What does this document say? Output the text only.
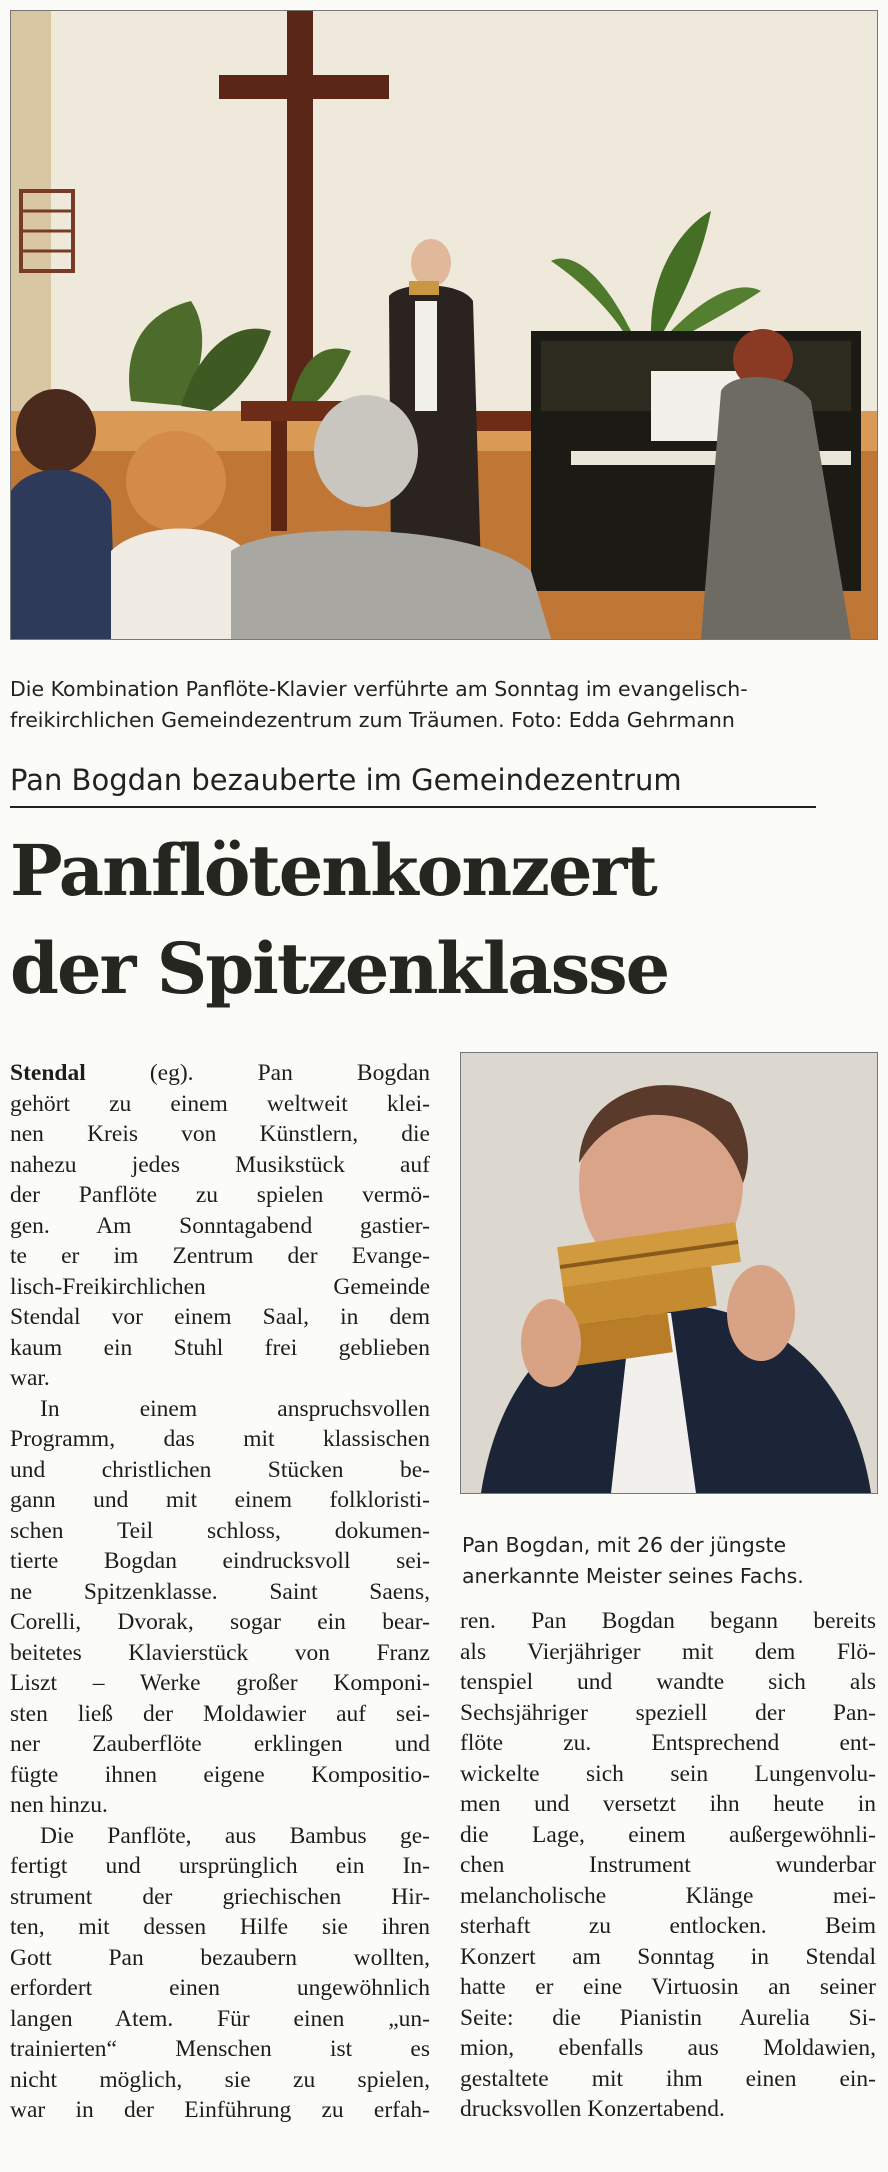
Die Kombination Panflöte-Klavier verführte am Sonntag im evangelisch-
freikirchlichen Gemeindezentrum zum Träumen. Foto: Edda Gehrmann
Pan Bogdan bezauberte im Gemeindezentrum
Panflötenkonzert
der Spitzenklasse
Pan Bogdan, mit 26 der jüngste
anerkannte Meister seines Fachs.
Stendal (eg). Pan Bogdan
gehört zu einem weltweit klei-
nen Kreis von Künstlern, die
nahezu jedes Musikstück auf
der Panflöte zu spielen vermö-
gen. Am Sonntagabend gastier-
te er im Zentrum der Evange-
lisch-Freikirchlichen Gemeinde
Stendal vor einem Saal, in dem
kaum ein Stuhl frei geblieben
war.
In einem anspruchsvollen
Programm, das mit klassischen
und christlichen Stücken be-
gann und mit einem folkloristi-
schen Teil schloss, dokumen-
tierte Bogdan eindrucksvoll sei-
ne Spitzenklasse. Saint Saens,
Corelli, Dvorak, sogar ein bear-
beitetes Klavierstück von Franz
Liszt – Werke großer Komponi-
sten ließ der Moldawier auf sei-
ner Zauberflöte erklingen und
fügte ihnen eigene Kompositio-
nen hinzu.
Die Panflöte, aus Bambus ge-
fertigt und ursprünglich ein In-
strument der griechischen Hir-
ten, mit dessen Hilfe sie ihren
Gott Pan bezaubern wollten,
erfordert einen ungewöhnlich
langen Atem. Für einen „un-
trainierten“ Menschen ist es
nicht möglich, sie zu spielen,
war in der Einführung zu erfah-
ren. Pan Bogdan begann bereits
als Vierjähriger mit dem Flö-
tenspiel und wandte sich als
Sechsjähriger speziell der Pan-
flöte zu. Entsprechend ent-
wickelte sich sein Lungenvolu-
men und versetzt ihn heute in
die Lage, einem außergewöhnli-
chen Instrument wunderbar
melancholische Klänge mei-
sterhaft zu entlocken. Beim
Konzert am Sonntag in Stendal
hatte er eine Virtuosin an seiner
Seite: die Pianistin Aurelia Si-
mion, ebenfalls aus Moldawien,
gestaltete mit ihm einen ein-
drucksvollen Konzertabend.
